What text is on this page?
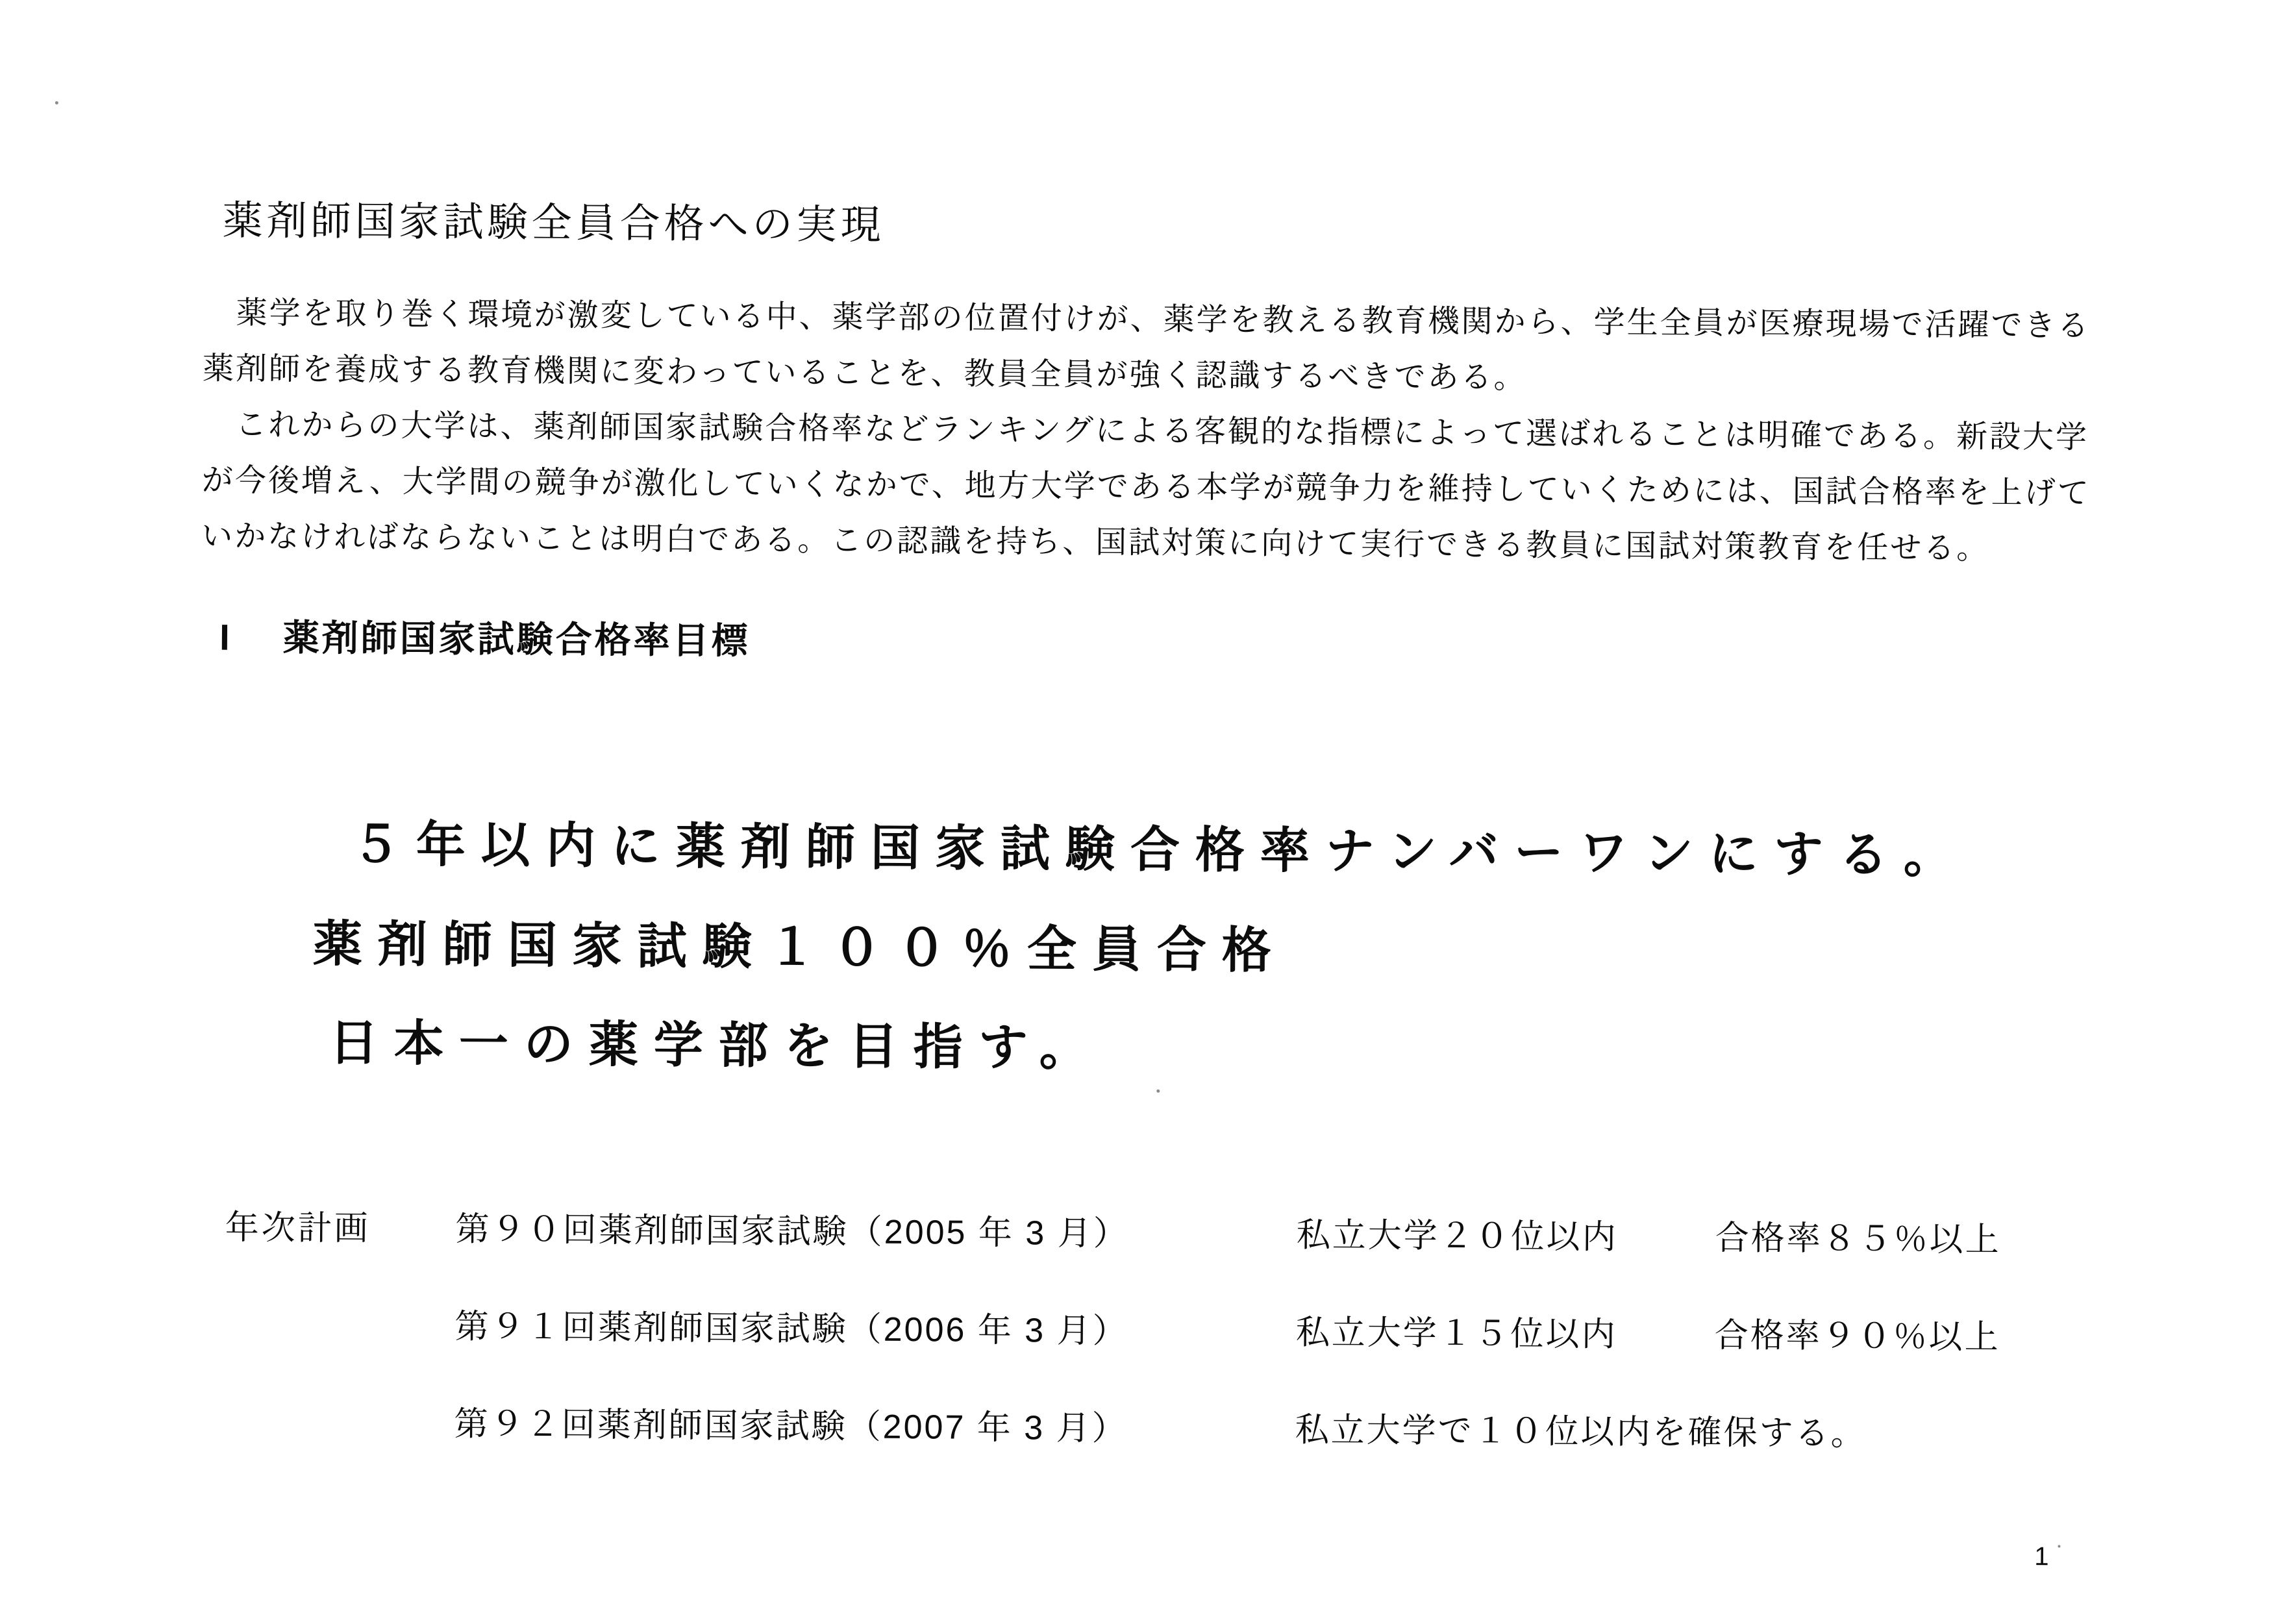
薬剤師国家試験全員合格への実現
　薬学を取り巻く環境が激変している中、薬学部の位置付けが、薬学を教える教育機関から、学生全員が医療現場で活躍できる
薬剤師を養成する教育機関に変わっていることを、教員全員が強く認識するべきである。
　これからの大学は、薬剤師国家試験合格率などランキングによる客観的な指標によって選ばれることは明確である。新設大学
が今後増え、大学間の競争が激化していくなかで、地方大学である本学が競争力を維持していくためには、国試合格率を上げて
いかなければならないことは明白である。この認識を持ち、国試対策に向けて実行できる教員に国試対策教育を任せる。
I 薬剤師国家試験合格率目標
５年以内に薬剤師国家試験合格率ナンバーワンにする。
薬剤師国家試験１００％全員合格
日本一の薬学部を目指す。
年次計画	第９０回薬剤師国家試験（2005 年 3 月）	私立大学２０位以内	合格率８５％以上
第９１回薬剤師国家試験（2006 年 3 月）	私立大学１５位以内	合格率９０％以上
第９２回薬剤師国家試験（2007 年 3 月）	私立大学で１０位以内を確保する。
1
